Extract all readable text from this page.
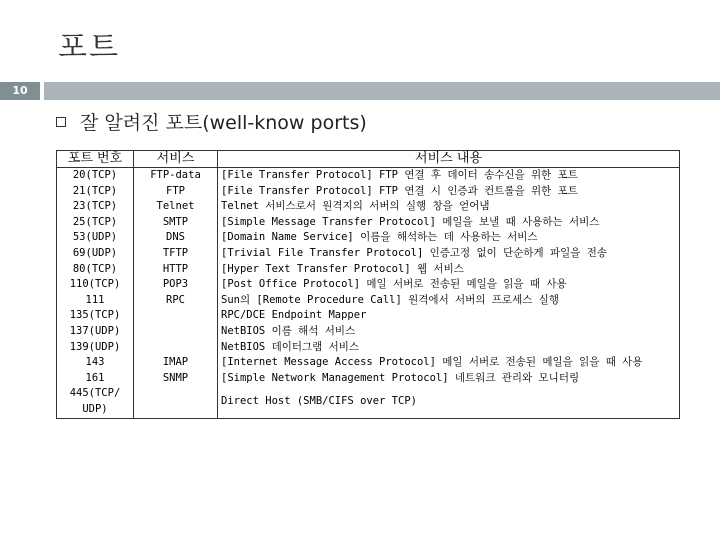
포트
10
잘 알려진 포트(well-know ports)
포트 번호	서비스	서비스 내용
20(TCP)	FTP-data	[File Transfer Protocol] FTP 연결 후 데이터 송수신을 위한 포트
21(TCP)	FTP	[File Transfer Protocol] FTP 연결 시 인증과 컨트롤을 위한 포트
23(TCP)	Telnet	Telnet 서비스로서 원격지의 서버의 실행 창을 얻어냄
25(TCP)	SMTP	[Simple Message Transfer Protocol] 메일을 보낼 때 사용하는 서비스
53(UDP)	DNS	[Domain Name Service] 이름을 해석하는 데 사용하는 서비스
69(UDP)	TFTP	[Trivial File Transfer Protocol] 인증고정 없이 단순하게 파일을 전송
80(TCP)	HTTP	[Hyper Text Transfer Protocol] 웹 서비스
110(TCP)	POP3	[Post Office Protocol] 메일 서버로 전송된 메일을 읽을 때 사용
111	RPC	Sun의 [Remote Procedure Call] 원격에서 서버의 프로세스 실행
135(TCP)		RPC/DCE Endpoint Mapper
137(UDP)		NetBIOS 이름 해석 서비스
139(UDP)		NetBIOS 데이터그램 서비스
143	IMAP	[Internet Message Access Protocol] 메일 서버로 전송된 메일을 읽을 때 사용
161	SNMP	[Simple Network Management Protocol] 네트워크 관리와 모니터링

445(TCP/
UDP)		Direct Host (SMB/CIFS over TCP)
